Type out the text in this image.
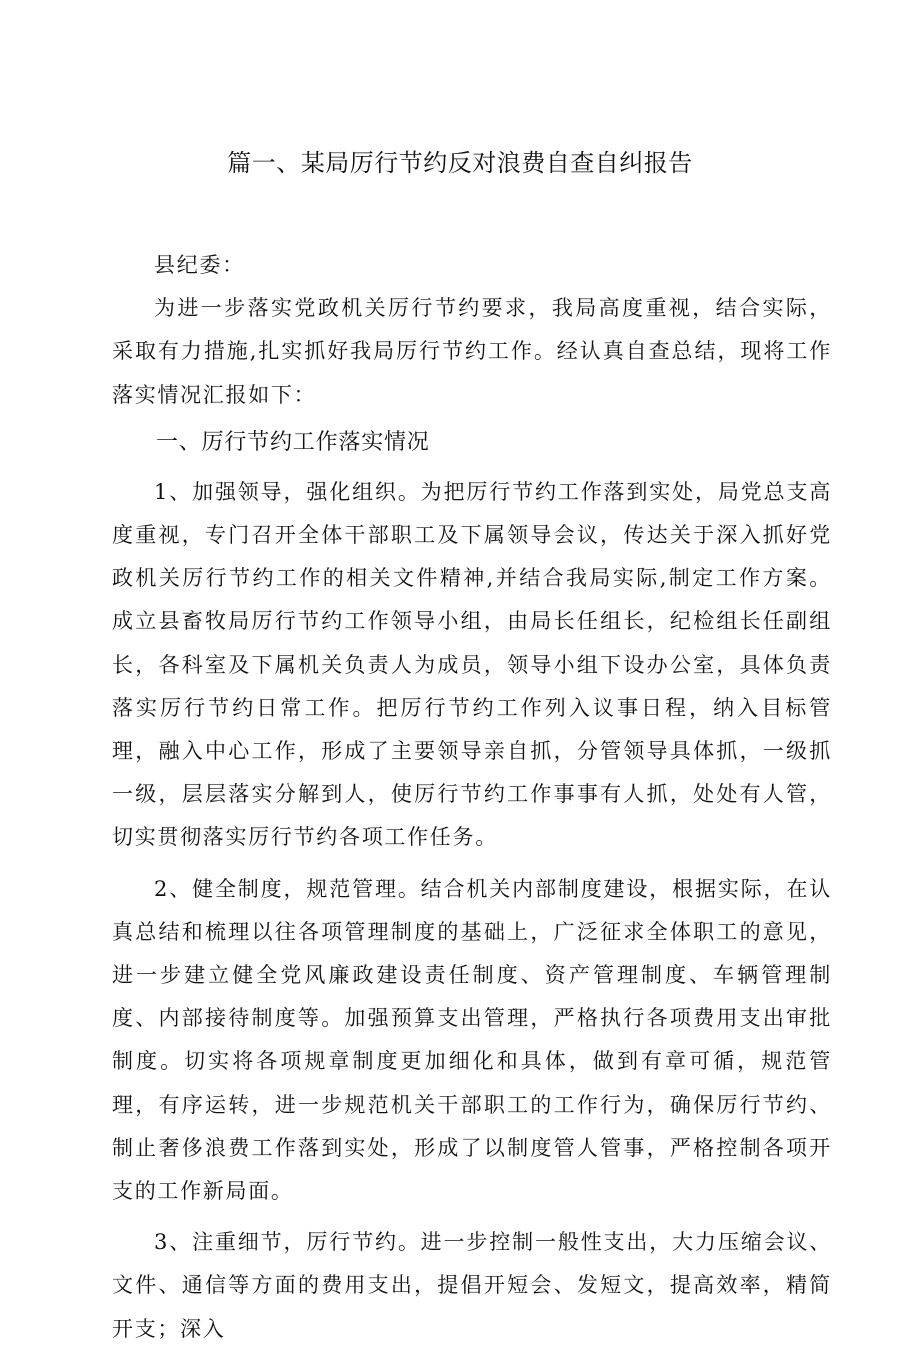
篇一、某局厉行节约反对浪费自查自纠报告

县纪委：

为进一步落实党政机关厉行节约要求，我局高度重视，结合实际，采取有力措施,扎实抓好我局厉行节约工作。经认真自查总结，现将工作落实情况汇报如下：

一、厉行节约工作落实情况

1、加强领导，强化组织。为把厉行节约工作落到实处，局党总支高度重视，专门召开全体干部职工及下属领导会议，传达关于深入抓好党政机关厉行节约工作的相关文件精神,并结合我局实际,制定工作方案。成立县畜牧局厉行节约工作领导小组，由局长任组长，纪检组长任副组长，各科室及下属机关负责人为成员，领导小组下设办公室，具体负责落实厉行节约日常工作。把厉行节约工作列入议事日程，纳入目标管理，融入中心工作，形成了主要领导亲自抓，分管领导具体抓，一级抓一级，层层落实分解到人，使厉行节约工作事事有人抓，处处有人管，切实贯彻落实厉行节约各项工作任务。

2、健全制度，规范管理。结合机关内部制度建设，根据实际，在认真总结和梳理以往各项管理制度的基础上，广泛征求全体职工的意见，进一步建立健全党风廉政建设责任制度、资产管理制度、车辆管理制度、内部接待制度等。加强预算支出管理，严格执行各项费用支出审批制度。切实将各项规章制度更加细化和具体，做到有章可循，规范管理，有序运转，进一步规范机关干部职工的工作行为，确保厉行节约、制止奢侈浪费工作落到实处，形成了以制度管人管事，严格控制各项开支的工作新局面。

3、注重细节，厉行节约。进一步控制一般性支出，大力压缩会议、文件、通信等方面的费用支出，提倡开短会、发短文，提高效率，精简开支；深入
